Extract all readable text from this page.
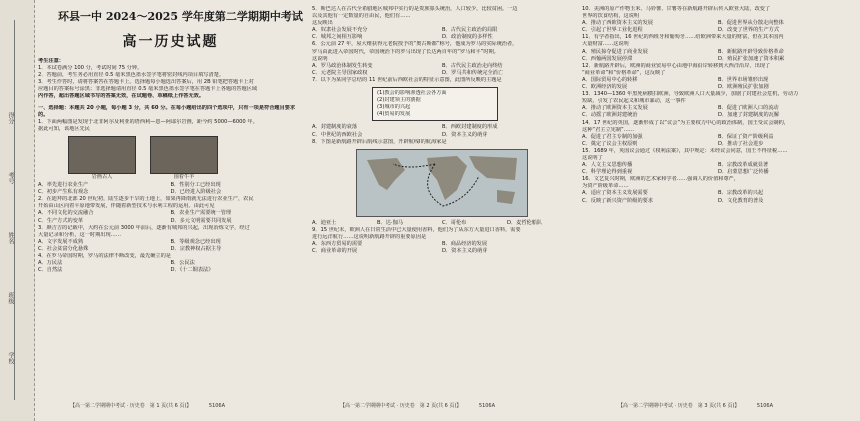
学校
班级
姓名
考号
得分

环县一中 2024～2025 学年度第二学期期中考试

高一历史试题

考生注意：

1．本试卷满分 100 分，考试时间 75 分钟。

2．答题前，考生务必用直径 0.5 毫米黑色墨水签字笔将密封线内项目填写清楚。

3．考生作答时，请将答案答在答题卡上。选择题每小题选出答案后，用 2B 铅笔把答题卡上对

应题目的答案标号涂黑；非选择题请用直径 0.5 毫米黑色墨水签字笔在答题卡上各题的答题区域

内作答，超出答题区域书写的答案无效，在试题卷、草稿纸上作答无效。

一、选择题：本题共 20 小题，每小题 3 分，共 60 分。在每小题给出的四个选项中，只有一项是符合题目要求的。

1．下面两幅图是发现于北非阿尔及利亚的塔西利—恩—阿耶尔岩画，距今约 5000—6000 年。

据此可知，该地区先民

岩画古人	围着牛羊

A．率先进行农业生产	B．性别分工已经出现
C．初步产生私有观念	D．已经进入阶级社会

2．在迪拜的北部 20 世纪初，陆生逐步干旱的土地上，如果再降雨就无法进行农业生产，农民

开始由山区向着平原地带发展，伴随着新型技术与水利工程的运用。由此可见

A．不同文化的交流融合	B．农业生产需要统一管理
C．生产方式的变革	D．多元文明需要共同发展

3．颜吉吉的记载中，大约在公元前 3000 年前后，逐渐有城邦的兴起，出现冶炼文学，经过

大量记录和分析，这一时期出现……

A．文字发展不成熟	B．等级观念已经出现
C．社会贫富分化悬殊	D．宗教神权占据主导

4．在罗马帝国时期，罗马的法律不断改变，最先确立的是

A．万民法	B．公民法
C．自然法	D．《十二铜表法》
【高一第二学期期中考试 · 历史卷　第 1 页(共 6 页)】　　　　5106A

5．斯巴达人在古代全希腊地区城邦中实行的是贵族寡头统治，人口较少，比较贫困。一边

以及其他有一定数量的自由民，他们有……

这反映出

A．奴隶社会发展不充分	B．古代民主政治的局限
C．城邦之间相互影响	D．政治制度的多样性

6．公元前 27 年，屋大维获得元老院授予的“奥古斯都”称号，他成为罗马的实际统治者，

罗马由此进入帝国时代，帝国统治下的罗马出现了长达两百年的“罗马和平”时期。

这说明

A．罗马政治体制发生转变	B．古代民主政治走向终结
C．元老院主导国家政权	D．罗马共和传统完全消亡

7．以下为某同学总结的 11 世纪前后西欧社会的特征示意图，此图所反映的主题是

(1)教会的影响渗透社会各方面

(2)封建领主的割据

(3)城市的兴起

(4)贸易的发展

A．封建制度的衰落	B．西欧封建制度的形成
C．中世纪的西欧社会	D．资本主义的萌芽

8．下图是新航路开辟后航线示意图，开辟航线Ⅰ的航海家是

A．迪亚士	B．达·伽马	C．哥伦布	D．麦哲伦船队

9．15 世纪末，欧洲人在日常生活中已大量使用香料，他们为了从东方大量进口香料，需要

进行远洋航行……这说明新航路开辟的重要原因是

A．东西方贸易的需要	B．商品经济的发展
C．商业革命的开展	D．资本主义的萌芽
【高一第二学期期中考试 · 历史卷　第 2 页(共 6 页)】　　　　5106A

10．美洲的原产作物玉米、马铃薯、甘薯等在新航路开辟后传入欧亚大陆，改变了

世界的饮食结构，这说明

A．推动了西欧资本主义的发展	B．促进世界从分散走向整体
C．引起了世界工业化进程	D．改变了世界的生产方式

11．有学者指出，16 世纪的西班牙和葡萄牙……给欧洲带来大量的财富，但在其本国内

大量财富……这说明

A．殖民掠夺促进了商业发展	B．新航路开辟导致价格革命
C．西葡两国发展停滞	D．殖民扩张加速了资本积累

12．新航路开辟后，欧洲的商业贸易中心由地中海沿岸转移到大西洋沿岸，出现了

“商业革命”和“价格革命”，这反映了

A．国际贸易中心的转移	B．世界市场雏形出现
C．欧洲经济的发展	D．欧洲殖民扩张加剧

13．1340—1360 年黑死病横扫欧洲，导致欧洲人口大量减少，加剧了封建社会危机，劳动力

短缺，引发了农民起义和城市暴动，这一事件

A．推动了欧洲资本主义发展	B．促进了欧洲人口的流动
C．动摇了欧洲封建统治	D．加速了封建制度的瓦解

14．17 世纪的英国，逐渐形成了以“议会”为主要权力中心的政治体制，国王受议会制约，

这种“君主立宪制”……

A．促进了君主专制的加强	B．保证了资产阶级利益
C．奠定了议会主权原则	D．推动了社会进步

15．1689 年，英国议会通过《权利法案》，其中规定：未经议会同意，国王不得征税……

这说明了

A．人文主义思想传播	B．宗教改革成就显著
C．科学理论得到重视	D．启蒙思想广泛传播

16．文艺复兴时期，欧洲的艺术家和学者……强调人的价值和尊严，

为资产阶级革命……

A．适应了资本主义发展需要	B．宗教改革的兴起
C．反映了新兴资产阶级的要求	D．文化教育的普及
【高一第二学期期中考试 · 历史卷　第 3 页(共 6 页)】　　　　5106A
